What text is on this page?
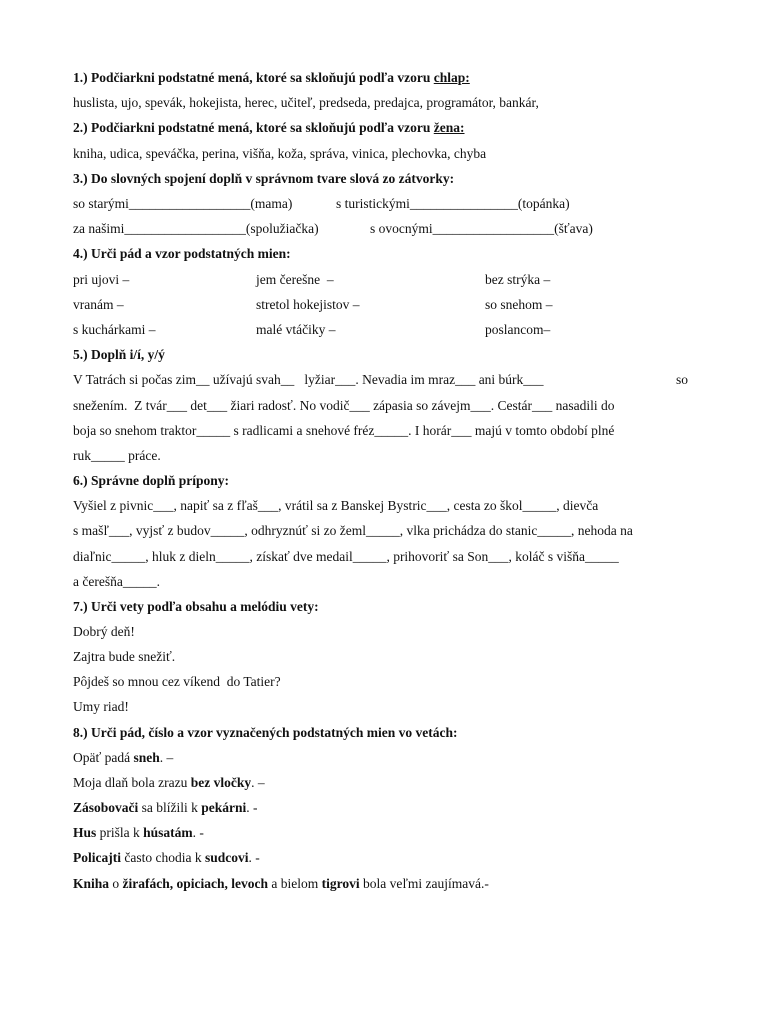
1.) Podčiarkni podstatné mená, ktoré sa skloňujú podľa vzoru chlap:
huslista, ujo, spevák, hokejista, herec, učiteľ, predseda, predajca, programátor, bankár,
2.) Podčiarkni podstatné mená, ktoré sa skloňujú podľa vzoru žena:
kniha, udica, speváčka, perina, višňa, koža, správa, vinica, plechovka, chyba
3.) Do slovných spojení doplň v správnom tvare slová zo zátvorky:
so starými__________________(mama)	s turistickými________________(topánka)
za našimi__________________(spolužiačka)	s ovocnými__________________(šťava)
4.) Urči pád a vzor podstatných mien:
pri ujovi –	jem čerešne  –	bez strýka –
vranám –	stretol hokejistov –	so snehom –
s kuchárkami –	malé vtáčiky –	poslancom–
5.) Doplň i/í, y/ý
V Tatrách si počas zim__ užívajú svah__   lyžiar___. Nevadia im mraz___ ani búrk___	so
snežením.  Z tvár___ det___ žiari radosť. No vodič___ zápasia so závejm___. Cestár___ nasadili do
boja so snehom traktor_____ s radlicami a snehové fréz_____. I horár___ majú v tomto období plné
ruk_____ práce.
6.) Správne doplň prípony:
Vyšiel z pivnic___, napiť sa z fľaš___, vrátil sa z Banskej Bystric___, cesta zo škol_____, dievča
s mašľ___, vyjsť z budov_____, odhryznúť si zo žeml_____, vlka prichádza do stanic_____, nehoda na
diaľnic_____, hluk z dieln_____, získať dve medail_____, prihovoriť sa Son___, koláč s višňa_____
a čerešňa_____.
7.) Urči vety podľa obsahu a melódiu vety:
Dobrý deň!
Zajtra bude snežiť.
Pôjdeš so mnou cez víkend  do Tatier?
Umy riad!
8.) Urči pád, číslo a vzor vyznačených podstatných mien vo vetách:
Opäť padá sneh. –
Moja dlaň bola zrazu bez vločky. –
Zásobovači sa blížili k pekárni. -
Hus prišla k húsatám. -
Policajti často chodia k sudcovi. -
Kniha o žirafách, opiciach, levoch a bielom tigrovi bola veľmi zaujímavá.-
